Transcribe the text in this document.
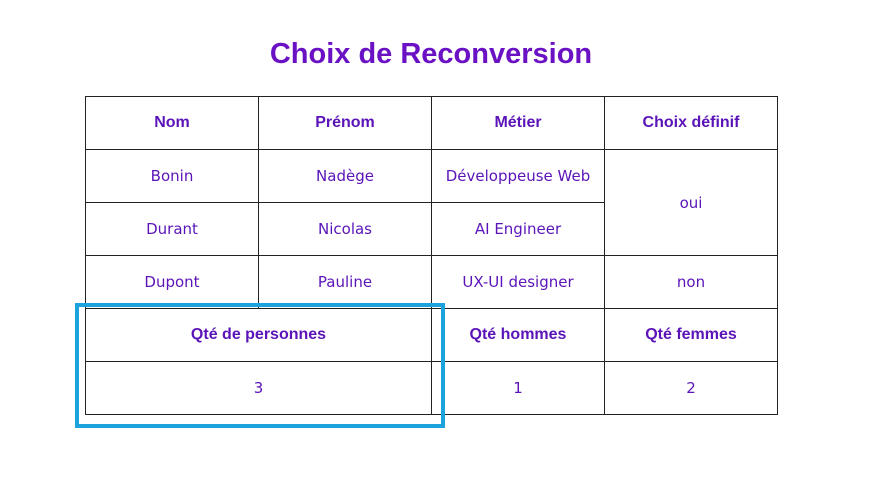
Choix de Reconversion
Nom	Prénom	Métier	Choix définif
Bonin	Nadège	Développeuse Web	oui
Durant	Nicolas	AI Engineer	
Dupont	Pauline	UX-UI designer	non
Qté de personnes		Qté hommes	Qté femmes
3		1	2
